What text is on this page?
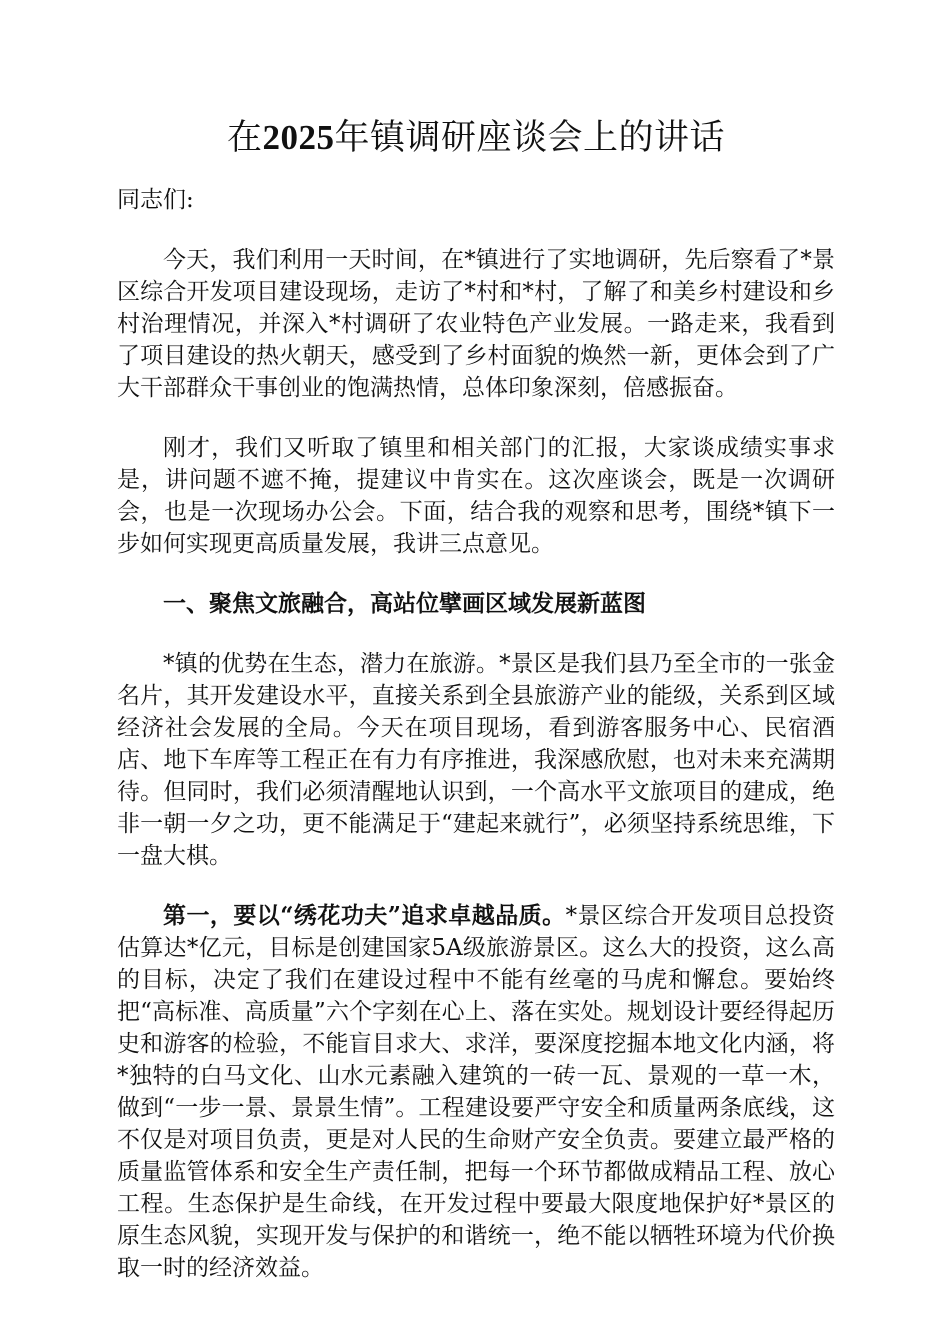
在2025年镇调研座谈会上的讲话

同志们:

今天，我们利用一天时间，在*镇进行了实地调研，先后察看了*景区综合开发项目建设现场，走访了*村和*村，了解了和美乡村建设和乡村治理情况，并深入*村调研了农业特色产业发展。一路走来，我看到了项目建设的热火朝天，感受到了乡村面貌的焕然一新，更体会到了广大干部群众干事创业的饱满热情，总体印象深刻，倍感振奋。

刚才，我们又听取了镇里和相关部门的汇报，大家谈成绩实事求是，讲问题不遮不掩，提建议中肯实在。这次座谈会，既是一次调研会，也是一次现场办公会。下面，结合我的观察和思考，围绕*镇下一步如何实现更高质量发展，我讲三点意见。

一、聚焦文旅融合，高站位擘画区域发展新蓝图

*镇的优势在生态，潜力在旅游。*景区是我们县乃至全市的一张金名片，其开发建设水平，直接关系到全县旅游产业的能级，关系到区域经济社会发展的全局。今天在项目现场，看到游客服务中心、民宿酒店、地下车库等工程正在有力有序推进，我深感欣慰，也对未来充满期待。但同时，我们必须清醒地认识到，一个高水平文旅项目的建成，绝非一朝一夕之功，更不能满足于“建起来就行”，必须坚持系统思维，下一盘大棋。

第一，要以“绣花功夫”追求卓越品质。*景区综合开发项目总投资估算达*亿元，目标是创建国家5A级旅游景区。这么大的投资，这么高的目标，决定了我们在建设过程中不能有丝毫的马虎和懈怠。要始终把“高标准、高质量”六个字刻在心上、落在实处。规划设计要经得起历史和游客的检验，不能盲目求大、求洋，要深度挖掘本地文化内涵，将*独特的白马文化、山水元素融入建筑的一砖一瓦、景观的一草一木，做到“一步一景、景景生情”。工程建设要严守安全和质量两条底线，这不仅是对项目负责，更是对人民的生命财产安全负责。要建立最严格的质量监管体系和安全生产责任制，把每一个环节都做成精品工程、放心工程。生态保护是生命线，在开发过程中要最大限度地保护好*景区的原生态风貌，实现开发与保护的和谐统一，绝不能以牺牲环境为代价换取一时的经济效益。
